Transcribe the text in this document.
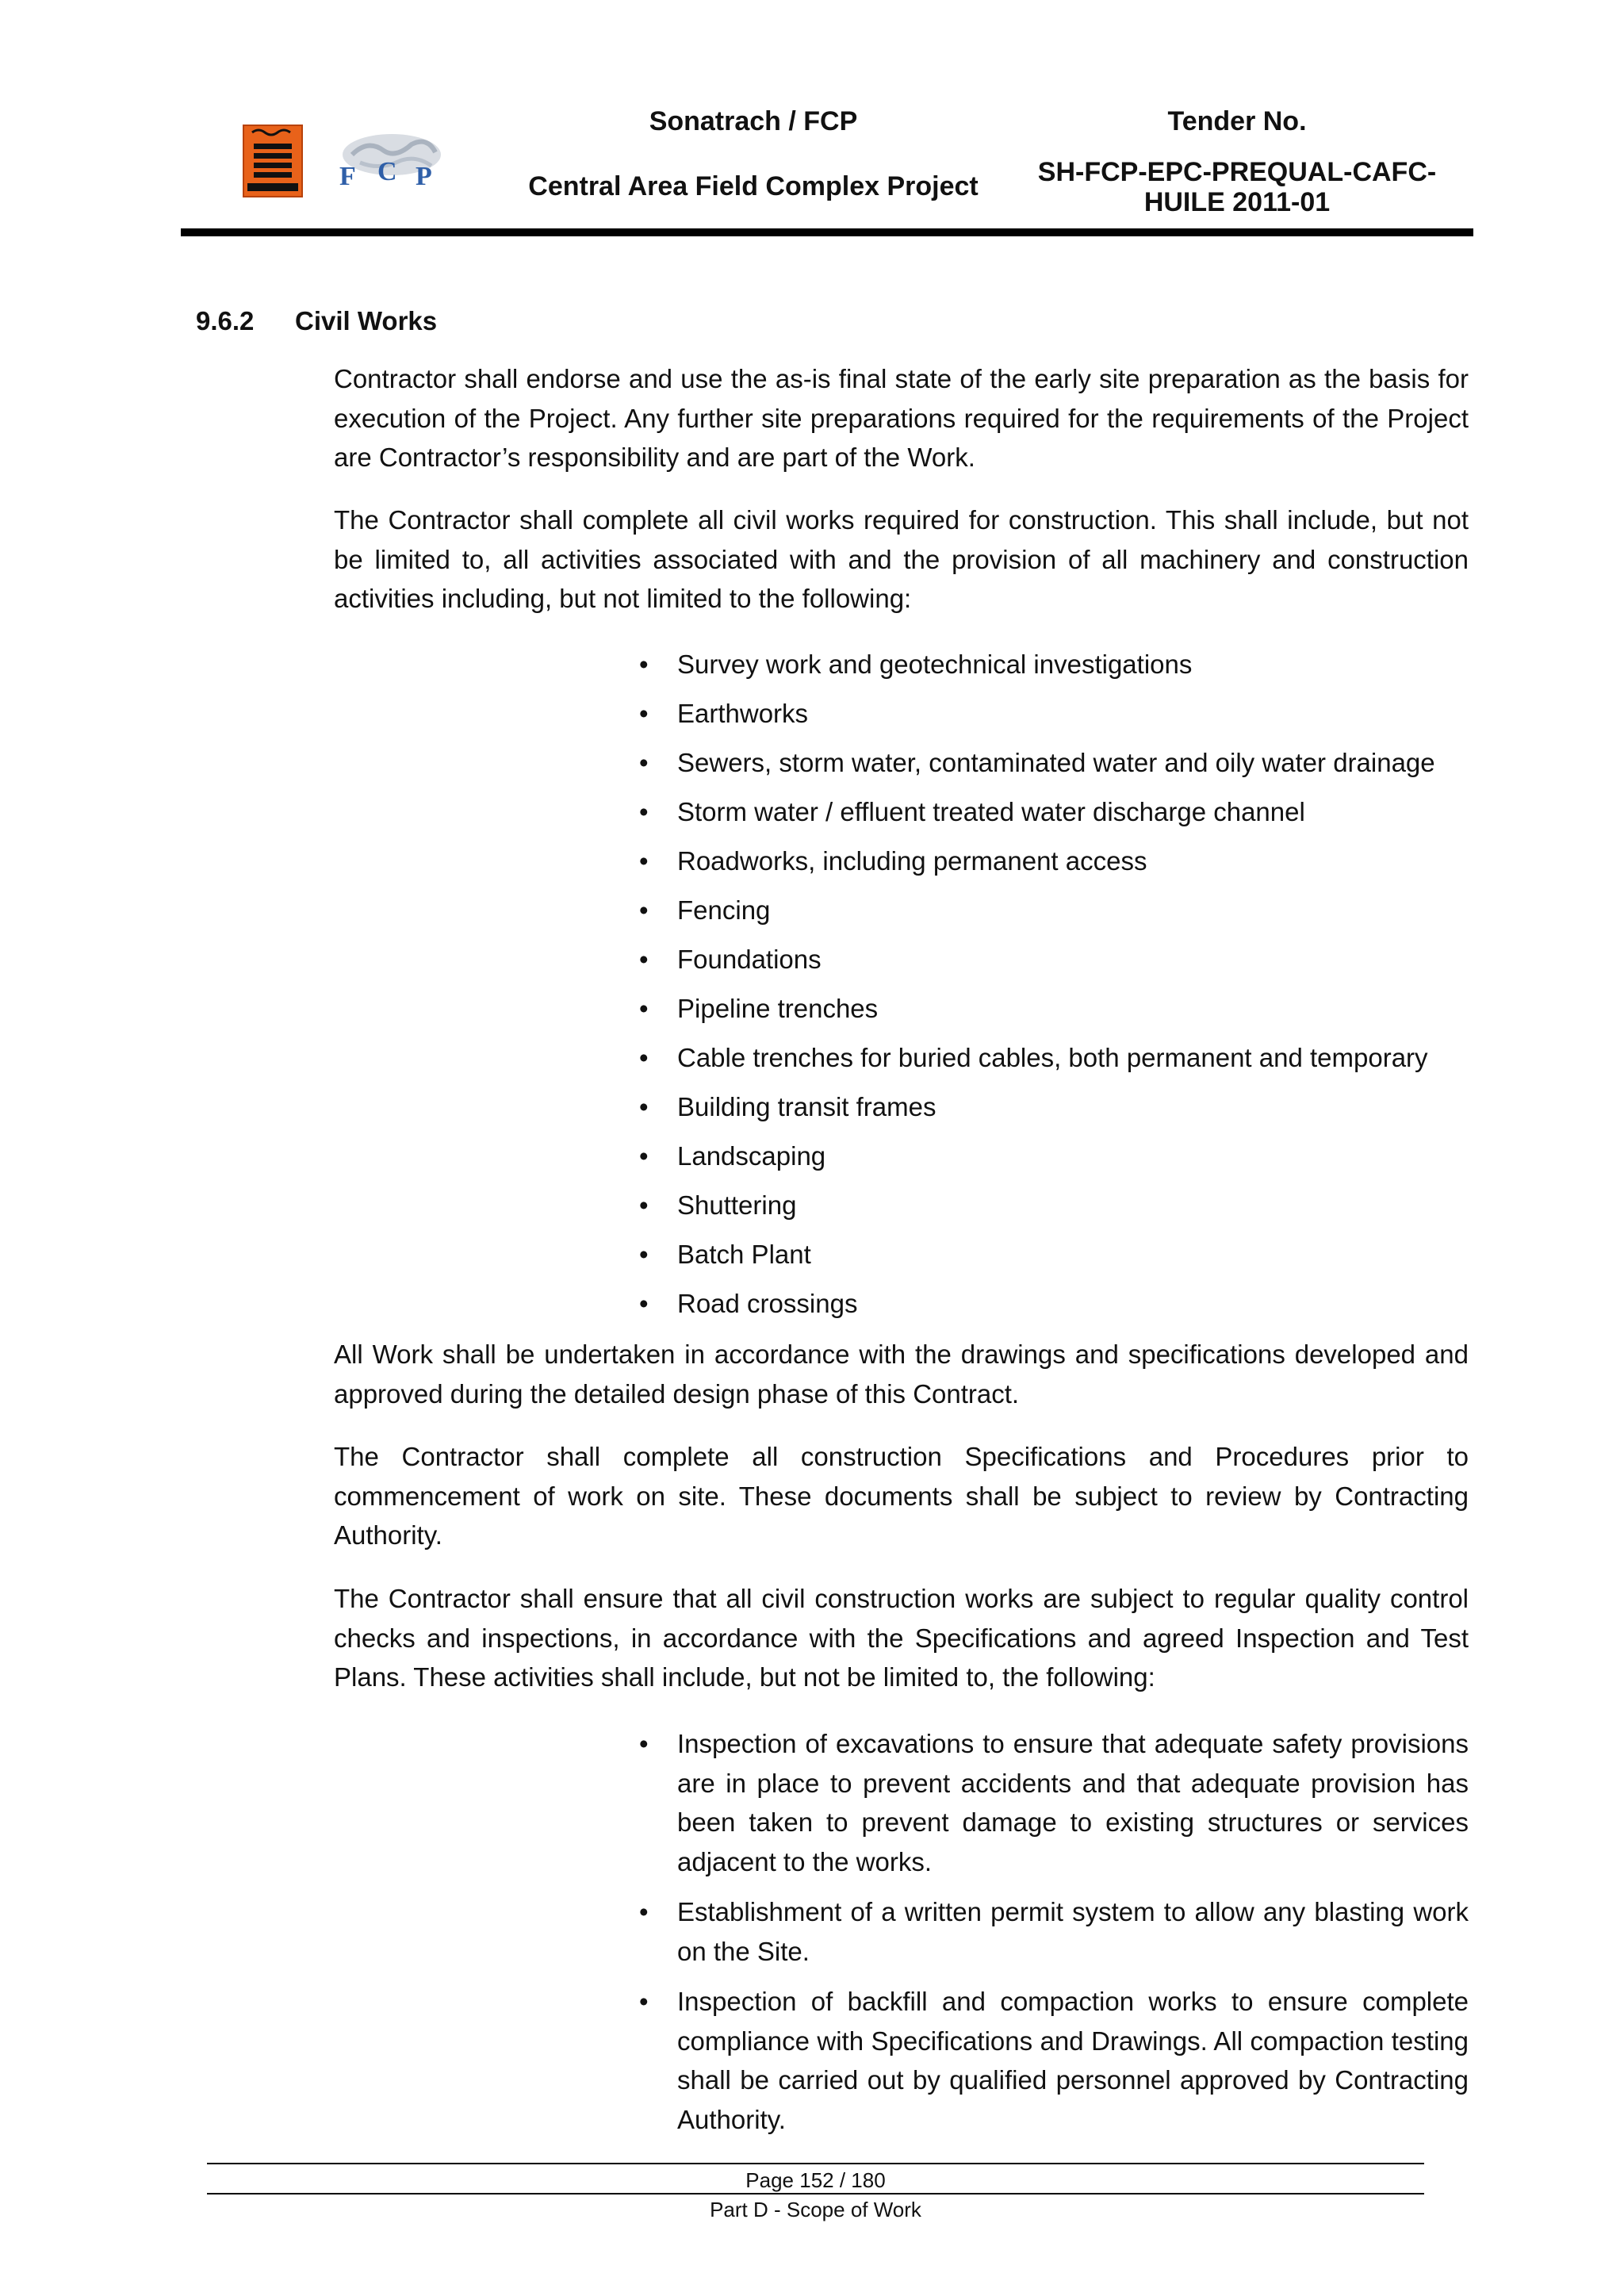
F C P
Sonatrach / FCP
Central Area Field Complex Project
Tender No.
SH-FCP-EPC-PREQUAL-CAFC-
HUILE 2011-01
9.6.2 Civil Works
Contractor shall endorse and use the as-is final state of the early site preparation as the basis for execution of the Project. Any further site preparations required for the requirements of the Project are Contractor’s responsibility and are part of the Work.
The Contractor shall complete all civil works required for construction. This shall include, but not be limited to, all activities associated with and the provision of all machinery and construction activities including, but not limited to the following:
• Survey work and geotechnical investigations
• Earthworks
• Sewers, storm water, contaminated water and oily water drainage
• Storm water / effluent treated water discharge channel
• Roadworks, including permanent access
• Fencing
• Foundations
• Pipeline trenches
• Cable trenches for buried cables, both permanent and temporary
• Building transit frames
• Landscaping
• Shuttering
• Batch Plant
• Road crossings
All Work shall be undertaken in accordance with the drawings and specifications developed and approved during the detailed design phase of this Contract.
The Contractor shall complete all construction Specifications and Procedures prior to commencement of work on site. These documents shall be subject to review by Contracting Authority.
The Contractor shall ensure that all civil construction works are subject to regular quality control checks and inspections, in accordance with the Specifications and agreed Inspection and Test Plans. These activities shall include, but not be limited to, the following:
• Inspection of excavations to ensure that adequate safety provisions are in place to prevent accidents and that adequate provision has been taken to prevent damage to existing structures or services adjacent to the works.
• Establishment of a written permit system to allow any blasting work on the Site.
• Inspection of backfill and compaction works to ensure complete compliance with Specifications and Drawings. All compaction testing shall be carried out by qualified personnel approved by Contracting Authority.
Page 152 / 180
Part D - Scope of Work
